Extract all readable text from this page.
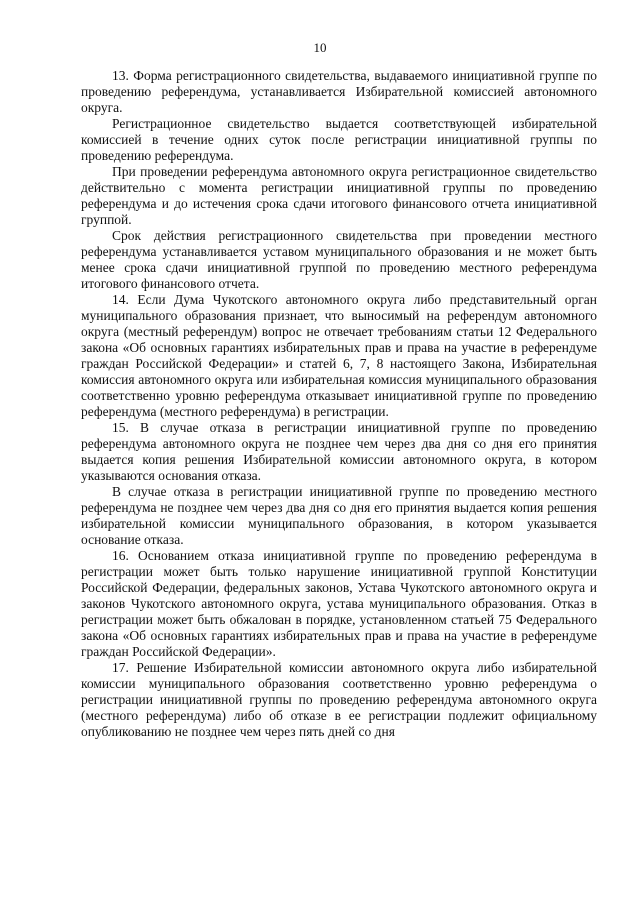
10

13. Форма регистрационного свидетельства, выдаваемого инициативной группе по проведению референдума, устанавливается Избирательной комиссией автономного округа.

Регистрационное свидетельство выдается соответствующей избирательной комиссией в течение одних суток после регистрации инициативной группы по проведению референдума.

При проведении референдума автономного округа регистрационное свидетельство действительно с момента регистрации инициативной группы по проведению референдума и до истечения срока сдачи итогового финансового отчета инициативной группой.

Срок действия регистрационного свидетельства при проведении местного референдума устанавливается уставом муниципального образования и не может быть менее срока сдачи инициативной группой по проведению местного референдума итогового финансового отчета.

14. Если Дума Чукотского автономного округа либо представительный орган муниципального образования признает, что выносимый на референдум автономного округа (местный референдум) вопрос не отвечает требованиям статьи 12 Федерального закона «Об основных гарантиях избирательных прав и права на участие в референдуме граждан Российской Федерации» и статей 6, 7, 8 настоящего Закона, Избирательная комиссия автономного округа или избирательная комиссия муниципального образования соответственно уровню референдума отказывает инициативной группе по проведению референдума (местного референдума) в регистрации.

15. В случае отказа в регистрации инициативной группе по проведению референдума автономного округа не позднее чем через два дня со дня его принятия выдается копия решения Избирательной комиссии автономного округа, в котором указываются основания отказа.

В случае отказа в регистрации инициативной группе по проведению местного референдума не позднее чем через два дня со дня его принятия выдается копия решения избирательной комиссии муниципального образования, в котором указывается основание отказа.

16. Основанием отказа инициативной группе по проведению референдума в регистрации может быть только нарушение инициативной группой Конституции Российской Федерации, федеральных законов, Устава Чукотского автономного округа и законов Чукотского автономного округа, устава муниципального образования. Отказ в регистрации может быть обжалован в порядке, установленном статьей 75 Федерального закона «Об основных гарантиях избирательных прав и права на участие в референдуме граждан Российской Федерации».

17. Решение Избирательной комиссии автономного округа либо избирательной комиссии муниципального образования соответственно уровню референдума о регистрации инициативной группы по проведению референдума автономного округа (местного референдума) либо об отказе в ее регистрации подлежит официальному опубликованию не позднее чем через пять дней со дня
